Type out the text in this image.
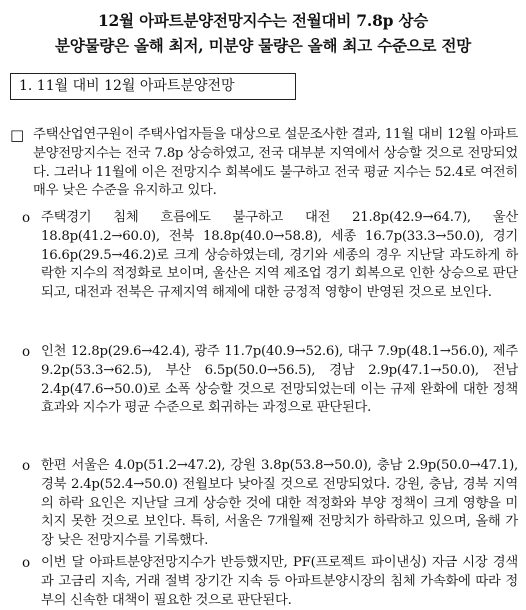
12월 아파트분양전망지수는 전월대비 7.8p 상승
분양물량은 올해 최저, 미분양 물량은 올해 최고 수준으로 전망
1. 11월 대비 12월 아파트분양전망
□ 주택산업연구원이 주택사업자들을 대상으로 설문조사한 결과, 11월 대비 12월 아파트분양전망지수는 전국 7.8p 상승하였고, 전국 대부분 지역에서 상승할 것으로 전망되었다. 그러나 11월에 이은 전망지수 회복에도 불구하고 전국 평균 지수는 52.4로 여전히 매우 낮은 수준을 유지하고 있다.
o 주택경기 침체 흐름에도 불구하고 대전 21.8p(42.9→64.7), 울산 18.8p(41.2→60.0), 전북 18.8p(40.0→58.8), 세종 16.7p(33.3→50.0), 경기 16.6p(29.5→46.2)로 크게 상승하였는데, 경기와 세종의 경우 지난달 과도하게 하락한 지수의 적정화로 보이며, 울산은 지역 제조업 경기 회복으로 인한 상승으로 판단되고, 대전과 전북은 규제지역 해제에 대한 긍정적 영향이 반영된 것으로 보인다.
o 인천 12.8p(29.6→42.4), 광주 11.7p(40.9→52.6), 대구 7.9p(48.1→56.0), 제주 9.2p(53.3→62.5), 부산 6.5p(50.0→56.5), 경남 2.9p(47.1→50.0), 전남 2.4p(47.6→50.0)로 소폭 상승할 것으로 전망되었는데 이는 규제 완화에 대한 정책 효과와 지수가 평균 수준으로 회귀하는 과정으로 판단된다.
o 한편 서울은 4.0p(51.2→47.2), 강원 3.8p(53.8→50.0), 충남 2.9p(50.0→47.1), 경북 2.4p(52.4→50.0) 전월보다 낮아질 것으로 전망되었다. 강원, 충남, 경북 지역의 하락 요인은 지난달 크게 상승한 것에 대한 적정화와 부양 정책이 크게 영향을 미치지 못한 것으로 보인다. 특히, 서울은 7개월째 전망치가 하락하고 있으며, 올해 가장 낮은 전망지수를 기록했다.
o 이번 달 아파트분양전망지수가 반등했지만, PF(프로젝트 파이낸싱) 자금 시장 경색과 고금리 지속, 거래 절벽 장기간 지속 등 아파트분양시장의 침체 가속화에 따라 정부의 신속한 대책이 필요한 것으로 판단된다.
